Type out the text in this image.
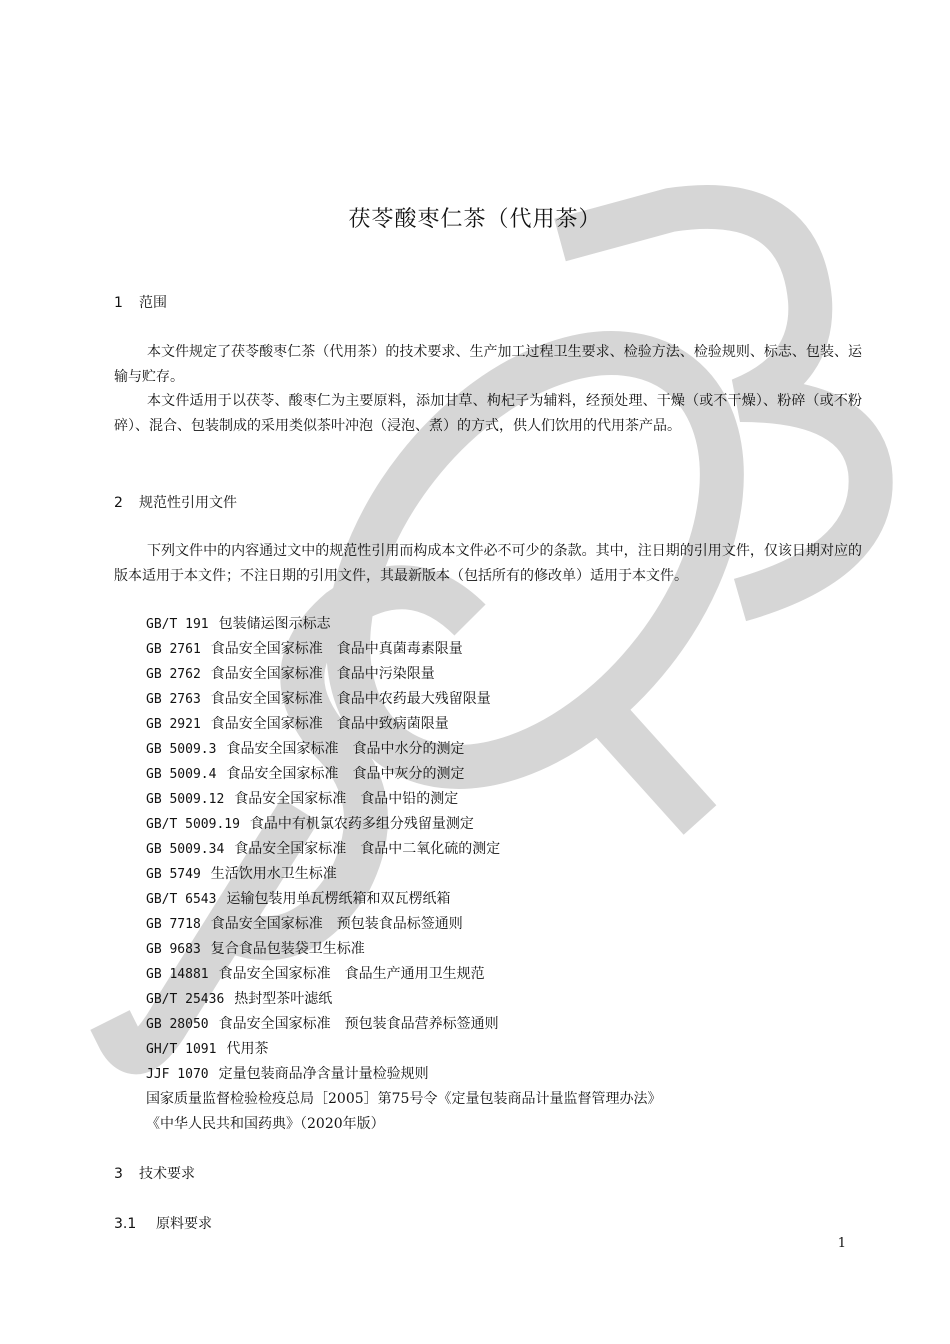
茯苓酸枣仁茶（代用茶）
1 范围

本文件规定了茯苓酸枣仁茶（代用茶）的技术要求、生产加工过程卫生要求、检验方法、检验规则、标志、包装、运输与贮存。

本文件适用于以茯苓、酸枣仁为主要原料，添加甘草、枸杞子为辅料，经预处理、干燥（或不干燥）、粉碎（或不粉碎）、混合、包装制成的采用类似茶叶冲泡（浸泡、煮）的方式，供人们饮用的代用茶产品。

2 规范性引用文件

下列文件中的内容通过文中的规范性引用而构成本文件必不可少的条款。其中，注日期的引用文件，仅该日期对应的版本适用于本文件；不注日期的引用文件，其最新版本（包括所有的修改单）适用于本文件。

GB/T 191 包装储运图示标志
GB 2761 食品安全国家标准　食品中真菌毒素限量
GB 2762 食品安全国家标准　食品中污染限量
GB 2763 食品安全国家标准　食品中农药最大残留限量
GB 2921 食品安全国家标准　食品中致病菌限量
GB 5009.3 食品安全国家标准　食品中水分的测定
GB 5009.4 食品安全国家标准　食品中灰分的测定
GB 5009.12 食品安全国家标准　食品中铅的测定
GB/T 5009.19 食品中有机氯农药多组分残留量测定
GB 5009.34 食品安全国家标准　食品中二氧化硫的测定
GB 5749 生活饮用水卫生标准
GB/T 6543 运输包装用单瓦楞纸箱和双瓦楞纸箱
GB 7718 食品安全国家标准　预包装食品标签通则
GB 9683 复合食品包装袋卫生标准
GB 14881 食品安全国家标准　食品生产通用卫生规范
GB/T 25436 热封型茶叶滤纸
GB 28050 食品安全国家标准　预包装食品营养标签通则
GH/T 1091 代用茶
JJF 1070 定量包装商品净含量计量检验规则
国家质量监督检验检疫总局［2005］第75号令《定量包装商品计量监督管理办法》
《中华人民共和国药典》（2020年版）
3 技术要求
3.1 原料要求
1
